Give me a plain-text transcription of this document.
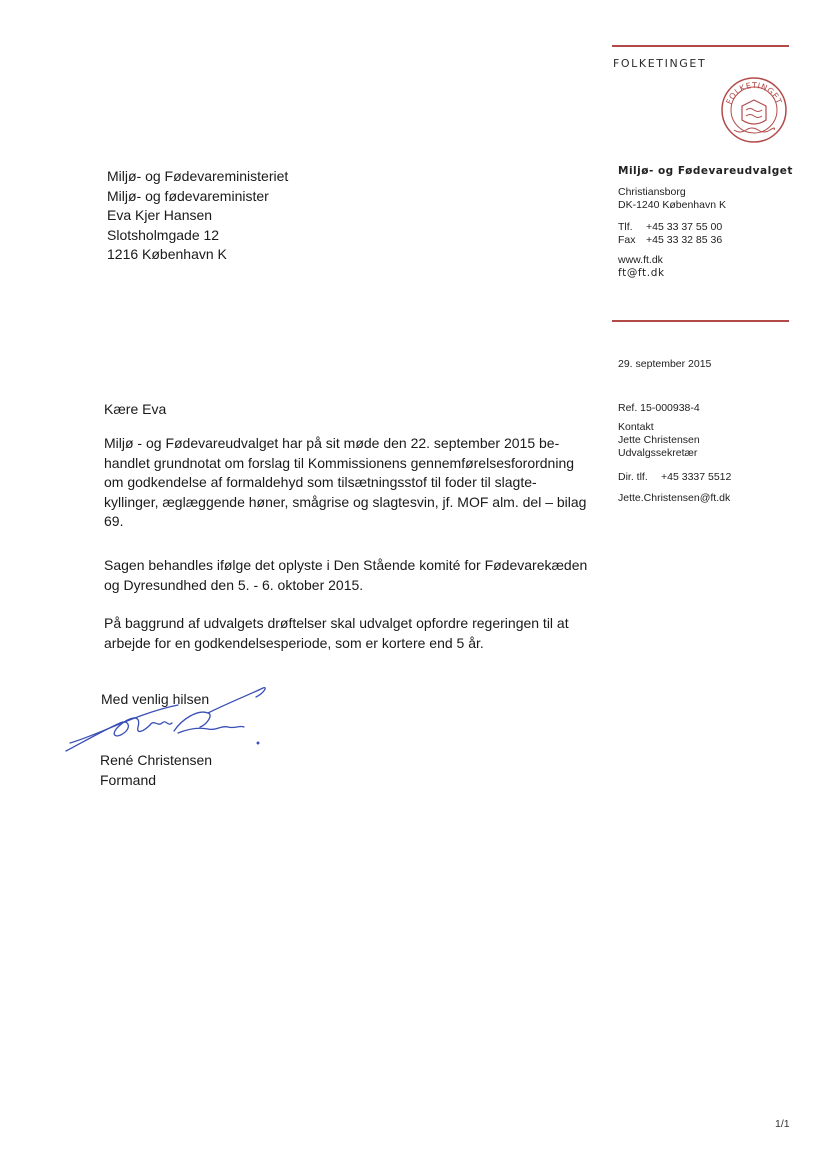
FOLKETINGET
FOLKETINGET
Miljø- og Fødevareministeriet
Miljø- og fødevareminister
Eva Kjer Hansen
Slotsholmgade 12
1216 København K
Miljø- og Fødevareudvalget
Christiansborg
DK-1240 København K
Tlf. +45 33 37 55 00
Fax +45 33 32 85 36
www.ft.dk
ft@ft.dk
29. september 2015
Ref. 15-000938-4
Kontakt
Jette Christensen
Udvalgssekretær
Dir. tlf. +45 3337 5512
Jette.Christensen@ft.dk
Kære Eva
Miljø - og Fødevareudvalget har på sit møde den 22. september 2015 be-
handlet grundnotat om forslag til Kommissionens gennemførelsesforordning
om godkendelse af formaldehyd som tilsætningsstof til foder til slagte-
kyllinger, æglæggende høner, smågrise og slagtesvin, jf. MOF alm. del – bilag
69.
Sagen behandles ifølge det oplyste i Den Stående komité for Fødevarekæden
og Dyresundhed den 5. - 6. oktober 2015.
På baggrund af udvalgets drøftelser skal udvalget opfordre regeringen til at
arbejde for en godkendelsesperiode, som er kortere end 5 år.
Med venlig hilsen
René Christensen
Formand
1/1
